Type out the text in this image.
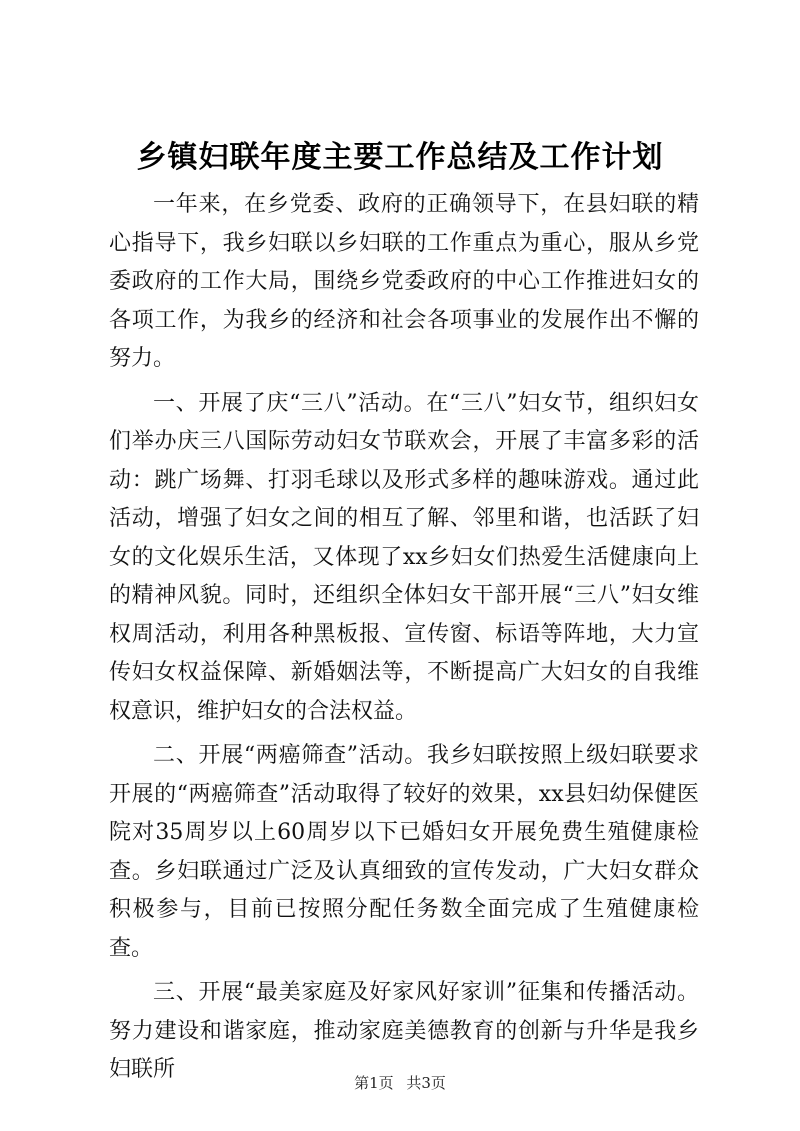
乡镇妇联年度主要工作总结及工作计划

一年来，在乡党委、政府的正确领导下，在县妇联的精心指导下，我乡妇联以乡妇联的工作重点为重心，服从乡党委政府的工作大局，围绕乡党委政府的中心工作推进妇女的各项工作，为我乡的经济和社会各项事业的发展作出不懈的努力。

一、开展了庆“三八”活动。在“三八”妇女节，组织妇女们举办庆三八国际劳动妇女节联欢会，开展了丰富多彩的活动：跳广场舞、打羽毛球以及形式多样的趣味游戏。通过此活动，增强了妇女之间的相互了解、邻里和谐，也活跃了妇女的文化娱乐生活，又体现了xx乡妇女们热爱生活健康向上的精神风貌。同时，还组织全体妇女干部开展“三八”妇女维权周活动，利用各种黑板报、宣传窗、标语等阵地，大力宣传妇女权益保障、新婚姻法等，不断提高广大妇女的自我维权意识，维护妇女的合法权益。

二、开展“两癌筛查”活动。我乡妇联按照上级妇联要求开展的“两癌筛查”活动取得了较好的效果，xx县妇幼保健医院对35周岁以上60周岁以下已婚妇女开展免费生殖健康检查。乡妇联通过广泛及认真细致的宣传发动，广大妇女群众积极参与，目前已按照分配任务数全面完成了生殖健康检查。

三、开展“最美家庭及好家风好家训”征集和传播活动。努力建设和谐家庭，推动家庭美德教育的创新与升华是我乡妇联所

第1页 共3页
